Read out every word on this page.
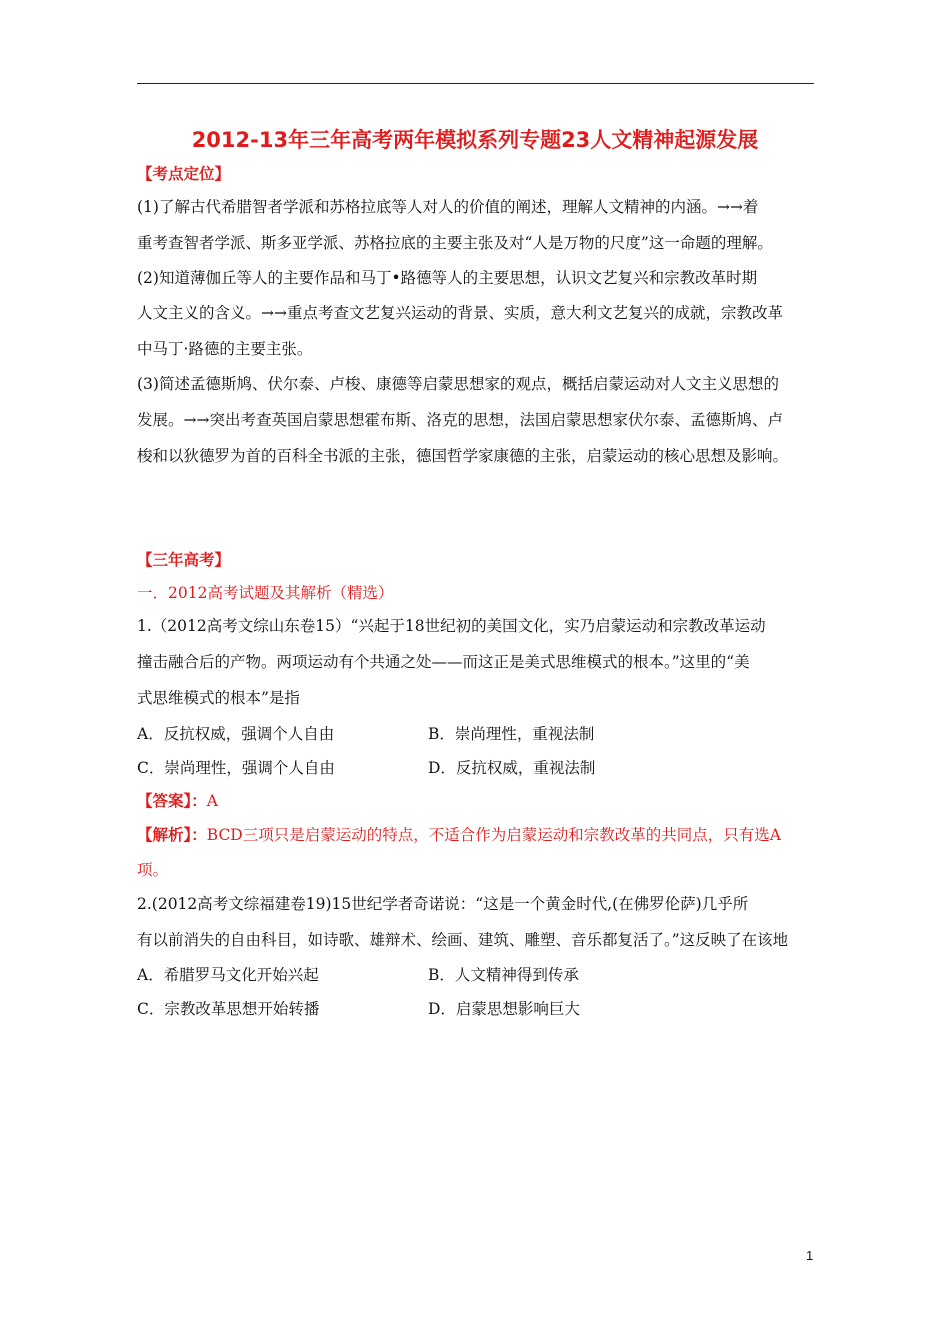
2012-13年三年高考两年模拟系列专题23人文精神起源发展
【考点定位】
(1)了解古代希腊智者学派和苏格拉底等人对人的价值的阐述，理解人文精神的内涵。→→着
重考查智者学派、斯多亚学派、苏格拉底的主要主张及对“人是万物的尺度”这一命题的理解。
(2)知道薄伽丘等人的主要作品和马丁•路德等人的主要思想，认识文艺复兴和宗教改革时期
人文主义的含义。→→重点考查文艺复兴运动的背景、实质，意大利文艺复兴的成就，宗教改革
中马丁·路德的主要主张。
(3)简述孟德斯鸠、伏尔泰、卢梭、康德等启蒙思想家的观点，概括启蒙运动对人文主义思想的
发展。→→突出考查英国启蒙思想霍布斯、洛克的思想，法国启蒙思想家伏尔泰、孟德斯鸠、卢
梭和以狄德罗为首的百科全书派的主张，德国哲学家康德的主张，启蒙运动的核心思想及影响。
【三年高考】
一．2012高考试题及其解析（精选）
1.（2012高考文综山东卷15）“兴起于18世纪初的美国文化，实乃启蒙运动和宗教改革运动
撞击融合后的产物。两项运动有个共通之处——而这正是美式思维模式的根本。”这里的“美
式思维模式的根本”是指
A．反抗权威，强调个人自由	B．崇尚理性，重视法制
C．崇尚理性，强调个人自由	D．反抗权威，重视法制
【答案】：A
【解析】：BCD三项只是启蒙运动的特点，不适合作为启蒙运动和宗教改革的共同点，只有选A
项。
2.(2012高考文综福建卷19)15世纪学者奇诺说：“这是一个黄金时代,(在佛罗伦萨)几乎所
有以前消失的自由科目，如诗歌、雄辩术、绘画、建筑、雕塑、音乐都复活了。”这反映了在该地
A．希腊罗马文化开始兴起	B．人文精神得到传承
C．宗教改革思想开始转播	D．启蒙思想影响巨大
1
